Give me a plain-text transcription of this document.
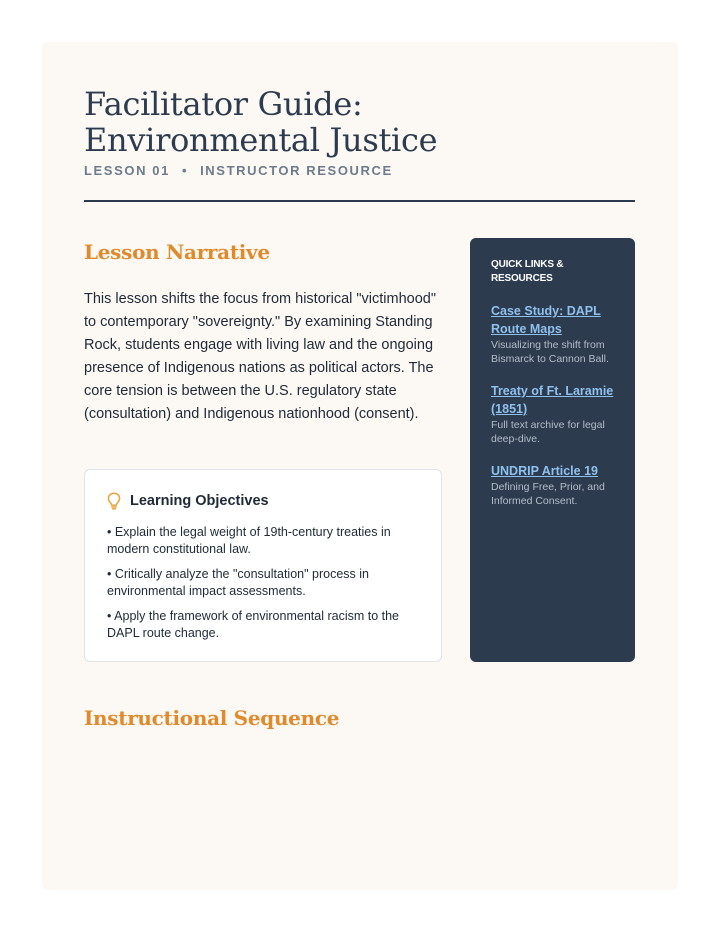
Facilitator Guide: Environmental Justice
LESSON 01 • INSTRUCTOR RESOURCE
Lesson Narrative

This lesson shifts the focus from historical "victimhood" to contemporary "sovereignty." By examining Standing Rock, students engage with living law and the ongoing presence of Indigenous nations as political actors. The core tension is between the U.S. regulatory state (consultation) and Indigenous nationhood (consent).

Learning Objectives
• Explain the legal weight of 19th-century treaties in modern constitutional law.
• Critically analyze the "consultation" process in environmental impact assessments.
• Apply the framework of environmental racism to the DAPL route change.
QUICK LINKS & RESOURCES
Case Study: DAPL Route Maps
Visualizing the shift from Bismarck to Cannon Ball.
Treaty of Ft. Laramie (1851)
Full text archive for legal deep-dive.
UNDRIP Article 19
Defining Free, Prior, and Informed Consent.
Instructional Sequence
